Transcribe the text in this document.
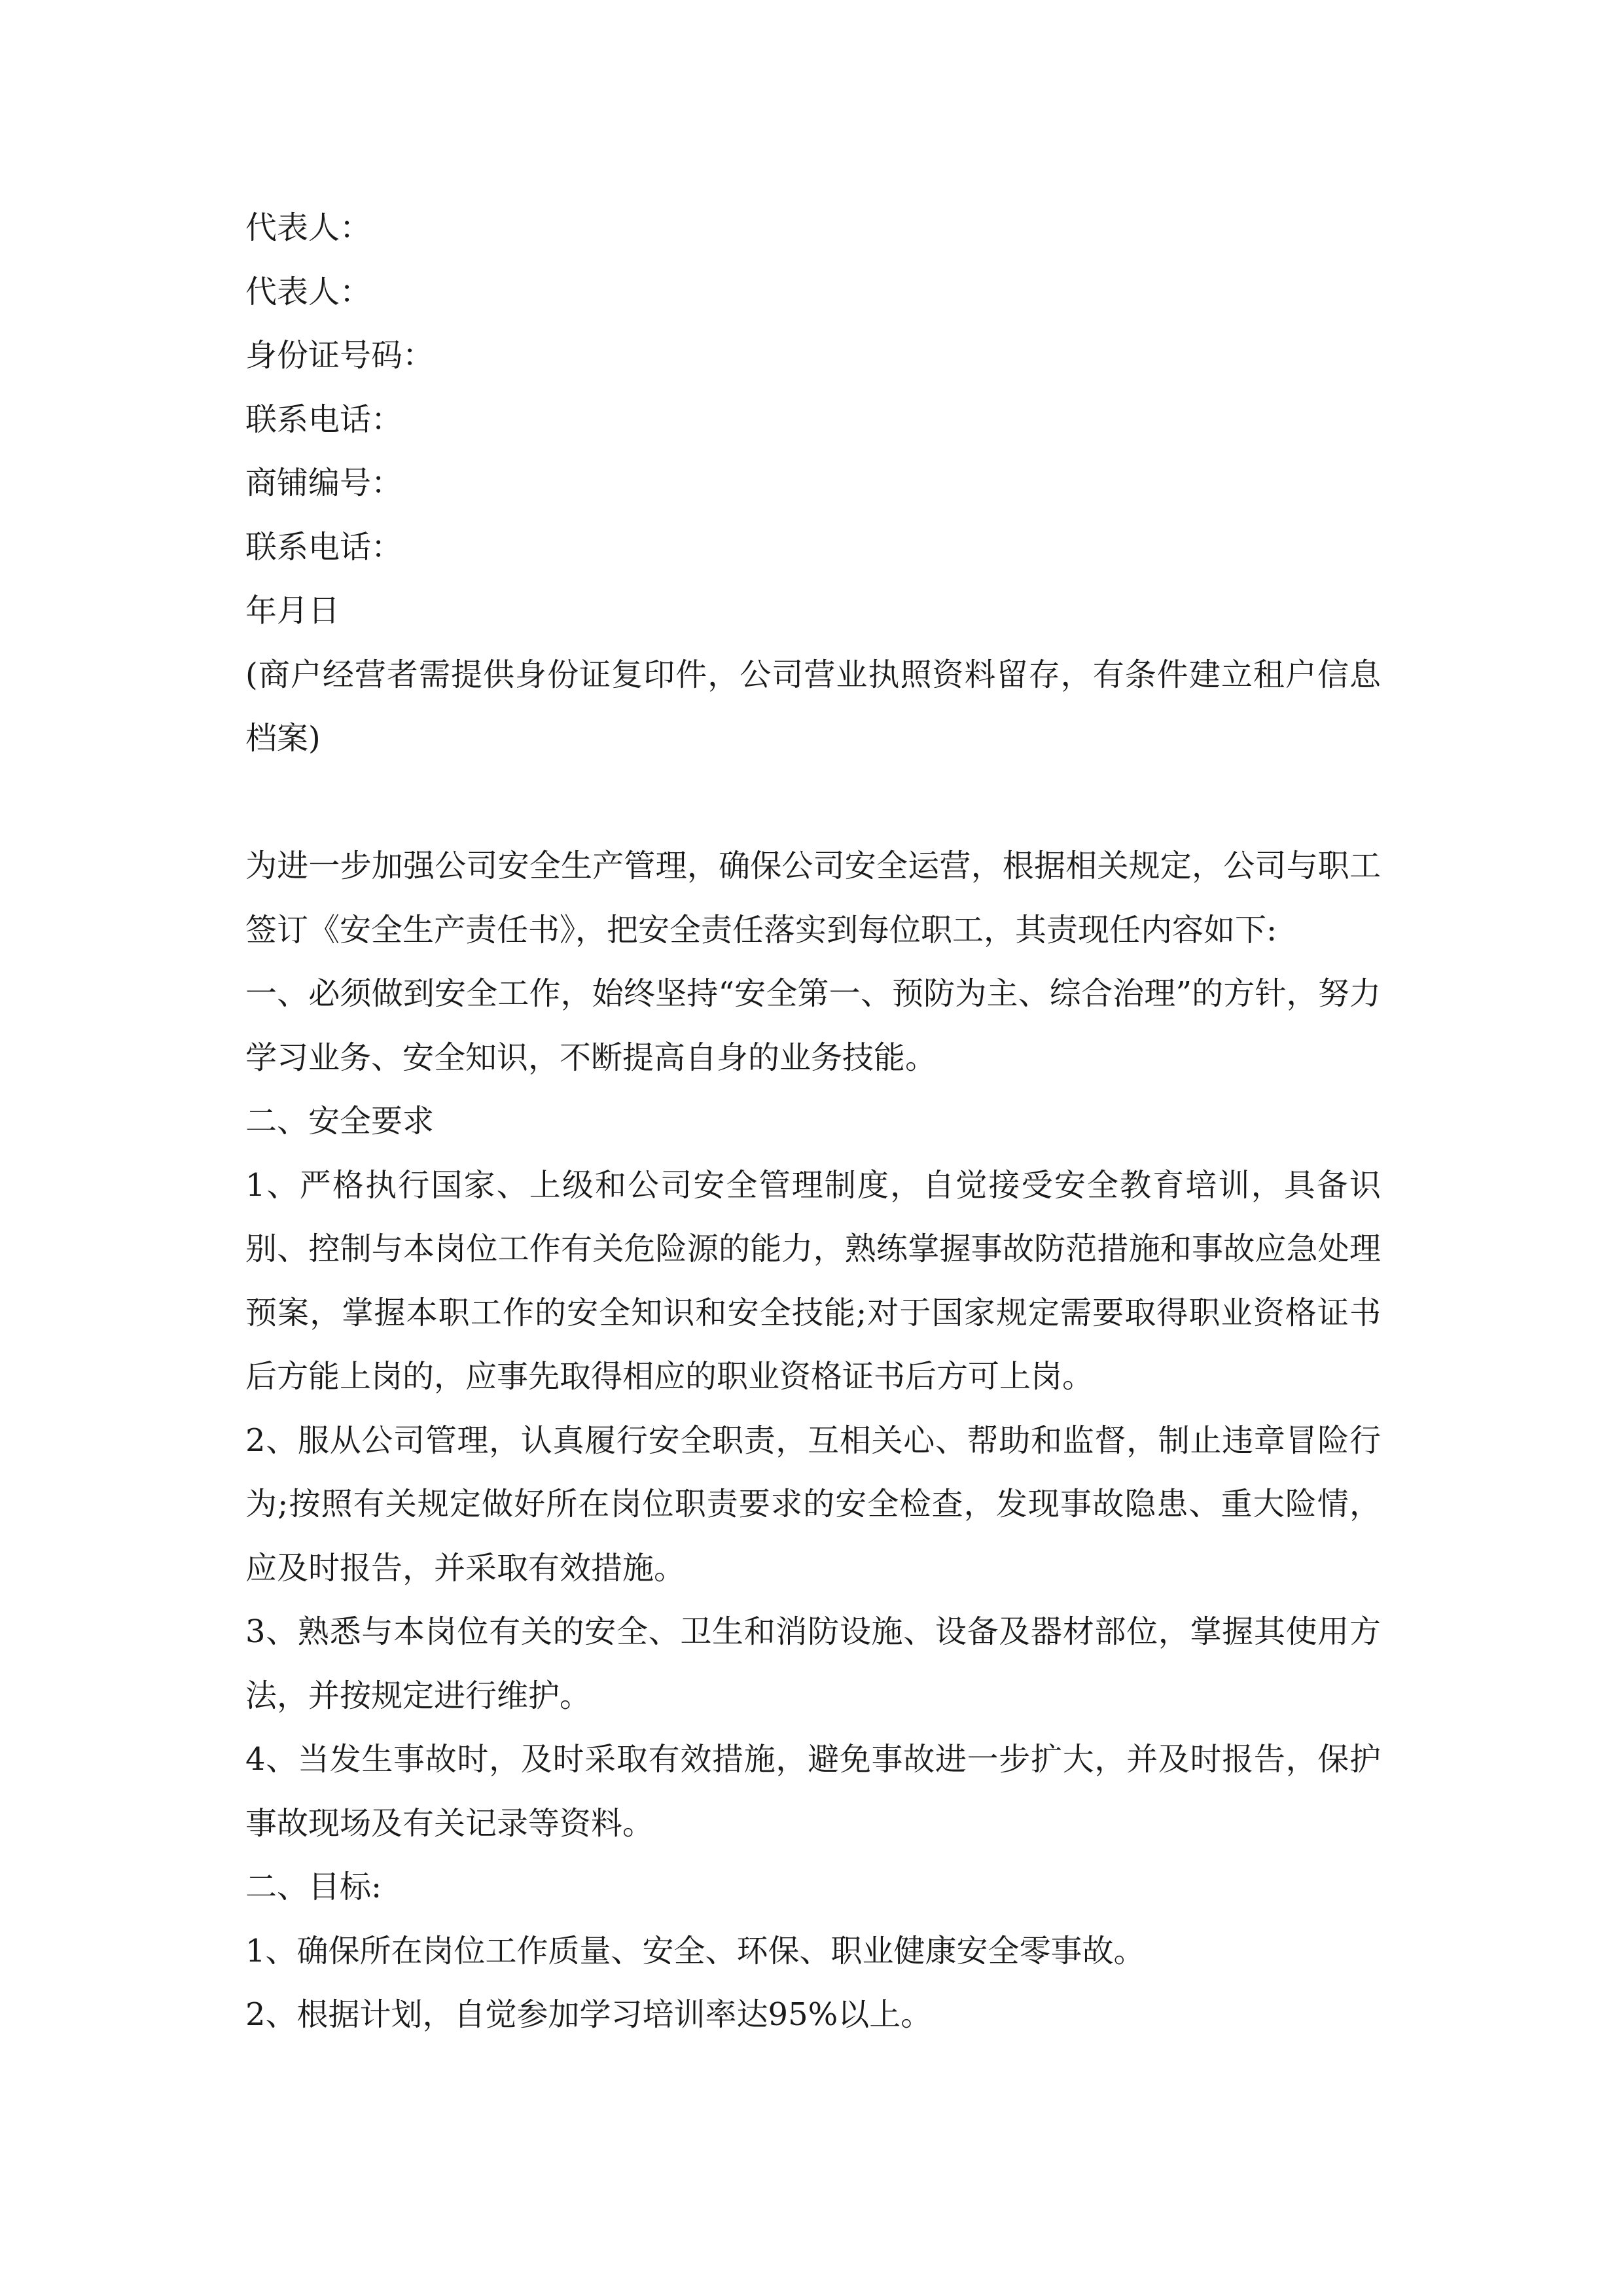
代表人：

代表人：

身份证号码：

联系电话：

商铺编号：

联系电话：

年月日

(商户经营者需提供身份证复印件，公司营业执照资料留存，有条件建立租户信息档案)

为进一步加强公司安全生产管理，确保公司安全运营，根据相关规定，公司与职工签订《安全生产责任书》，把安全责任落实到每位职工，其责现任内容如下:

一、必须做到安全工作，始终坚持“安全第一、预防为主、综合治理”的方针，努力学习业务、安全知识，不断提高自身的业务技能。

二、安全要求

1、严格执行国家、上级和公司安全管理制度，自觉接受安全教育培训，具备识别、控制与本岗位工作有关危险源的能力，熟练掌握事故防范措施和事故应急处理预案，掌握本职工作的安全知识和安全技能;对于国家规定需要取得职业资格证书后方能上岗的，应事先取得相应的职业资格证书后方可上岗。

2、服从公司管理，认真履行安全职责，互相关心、帮助和监督，制止违章冒险行为;按照有关规定做好所在岗位职责要求的安全检查，发现事故隐患、重大险情，应及时报告，并采取有效措施。

3、熟悉与本岗位有关的安全、卫生和消防设施、设备及器材部位，掌握其使用方法，并按规定进行维护。

4、当发生事故时，及时采取有效措施，避免事故进一步扩大，并及时报告，保护事故现场及有关记录等资料。

二、目标:

1、确保所在岗位工作质量、安全、环保、职业健康安全零事故。

2、根据计划，自觉参加学习培训率达95%以上。
